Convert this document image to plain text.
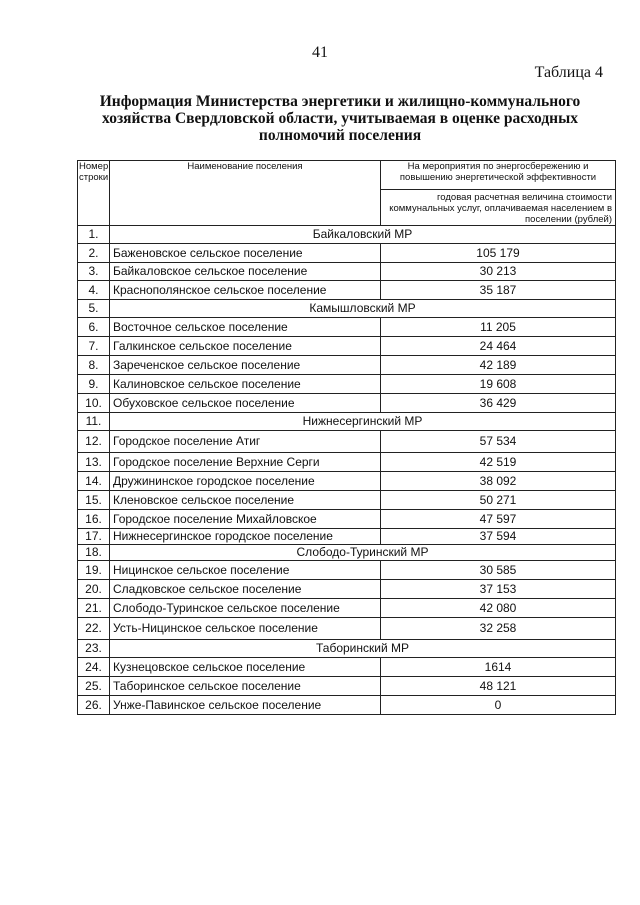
41
Таблица 4
Информация Министерства энергетики и жилищно-коммунального хозяйства Свердловской области, учитываемая в оценке расходных полномочий поселения
Номер строки	Наименование поселения	На мероприятия по энергосбережению и повышению энергетической эффективности
		годовая расчетная величина стоимости коммунальных услуг, оплачиваемая населением в поселении (рублей)
1.	Байкаловский МР	
2.	Баженовское сельское поселение	105 179
3.	Байкаловское сельское поселение	30 213
4.	Краснополянское сельское поселение	35 187
5.	Камышловский МР	
6.	Восточное сельское поселение	11 205
7.	Галкинское сельское поселение	24 464
8.	Зареченское сельское поселение	42 189
9.	Калиновское сельское поселение	19 608
10.	Обуховское сельское поселение	36 429
11.	Нижнесергинский МР	
12.	Городское поселение Атиг	57 534
13.	Городское поселение Верхние Серги	42 519
14.	Дружининское городское поселение	38 092
15.	Кленовское сельское поселение	50 271
16.	Городское поселение Михайловское	47 597
17.	Нижнесергинское городское поселение	37 594
18.	Слободо-Туринский МР	
19.	Ницинское сельское поселение	30 585
20.	Сладковское сельское поселение	37 153
21.	Слободо-Туринское сельское поселение	42 080
22.	Усть-Ницинское сельское поселение	32 258
23.	Таборинский МР	
24.	Кузнецовское сельское поселение	1614
25.	Таборинское сельское поселение	48 121
26.	Унже-Павинское сельское поселение	0
